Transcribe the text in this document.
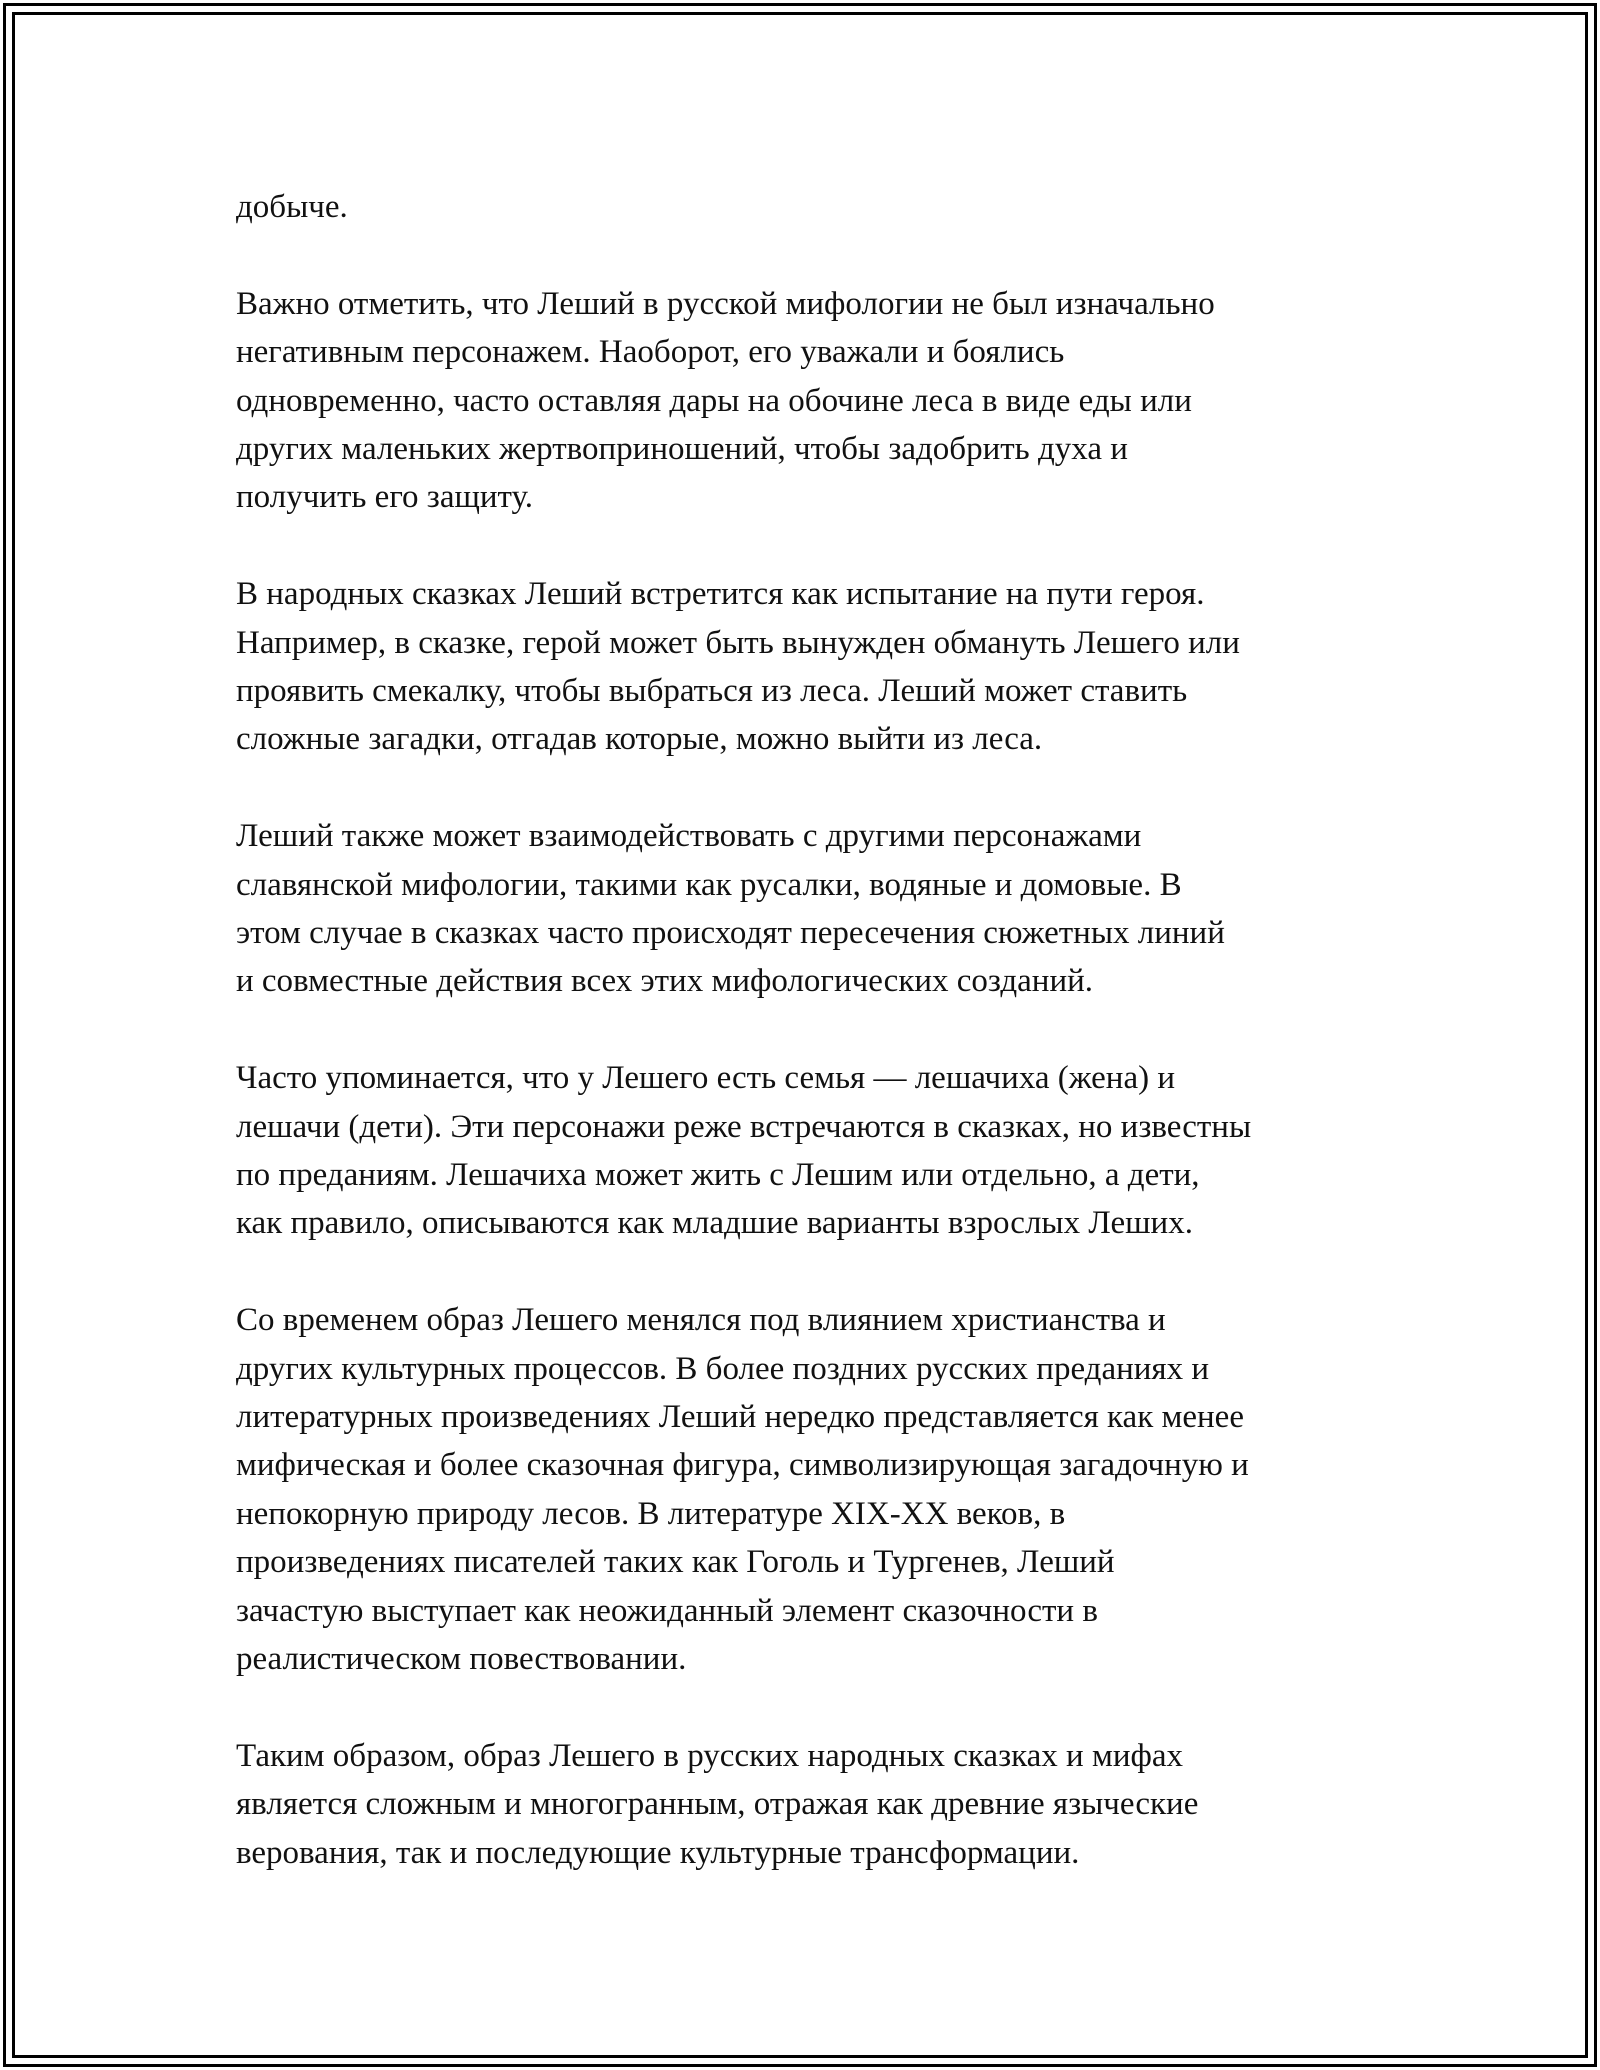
добыче.

Важно отметить, что Леший в русской мифологии не был изначально
негативным персонажем. Наоборот, его уважали и боялись
одновременно, часто оставляя дары на обочине леса в виде еды или
других маленьких жертвоприношений, чтобы задобрить духа и
получить его защиту.

В народных сказках Леший встретится как испытание на пути героя.
Например, в сказке, герой может быть вынужден обмануть Лешего или
проявить смекалку, чтобы выбраться из леса. Леший может ставить
сложные загадки, отгадав которые, можно выйти из леса.

Леший также может взаимодействовать с другими персонажами
славянской мифологии, такими как русалки, водяные и домовые. В
этом случае в сказках часто происходят пересечения сюжетных линий
и совместные действия всех этих мифологических созданий.

Часто упоминается, что у Лешего есть семья — лешачиха (жена) и
лешачи (дети). Эти персонажи реже встречаются в сказках, но известны
по преданиям. Лешачиха может жить с Лешим или отдельно, а дети,
как правило, описываются как младшие варианты взрослых Леших.

Со временем образ Лешего менялся под влиянием христианства и
других культурных процессов. В более поздних русских преданиях и
литературных произведениях Леший нередко представляется как менее
мифическая и более сказочная фигура, символизирующая загадочную и
непокорную природу лесов. В литературе XIX-XX веков, в
произведениях писателей таких как Гоголь и Тургенев, Леший
зачастую выступает как неожиданный элемент сказочности в
реалистическом повествовании.

Таким образом, образ Лешего в русских народных сказках и мифах
является сложным и многогранным, отражая как древние языческие
верования, так и последующие культурные трансформации.
